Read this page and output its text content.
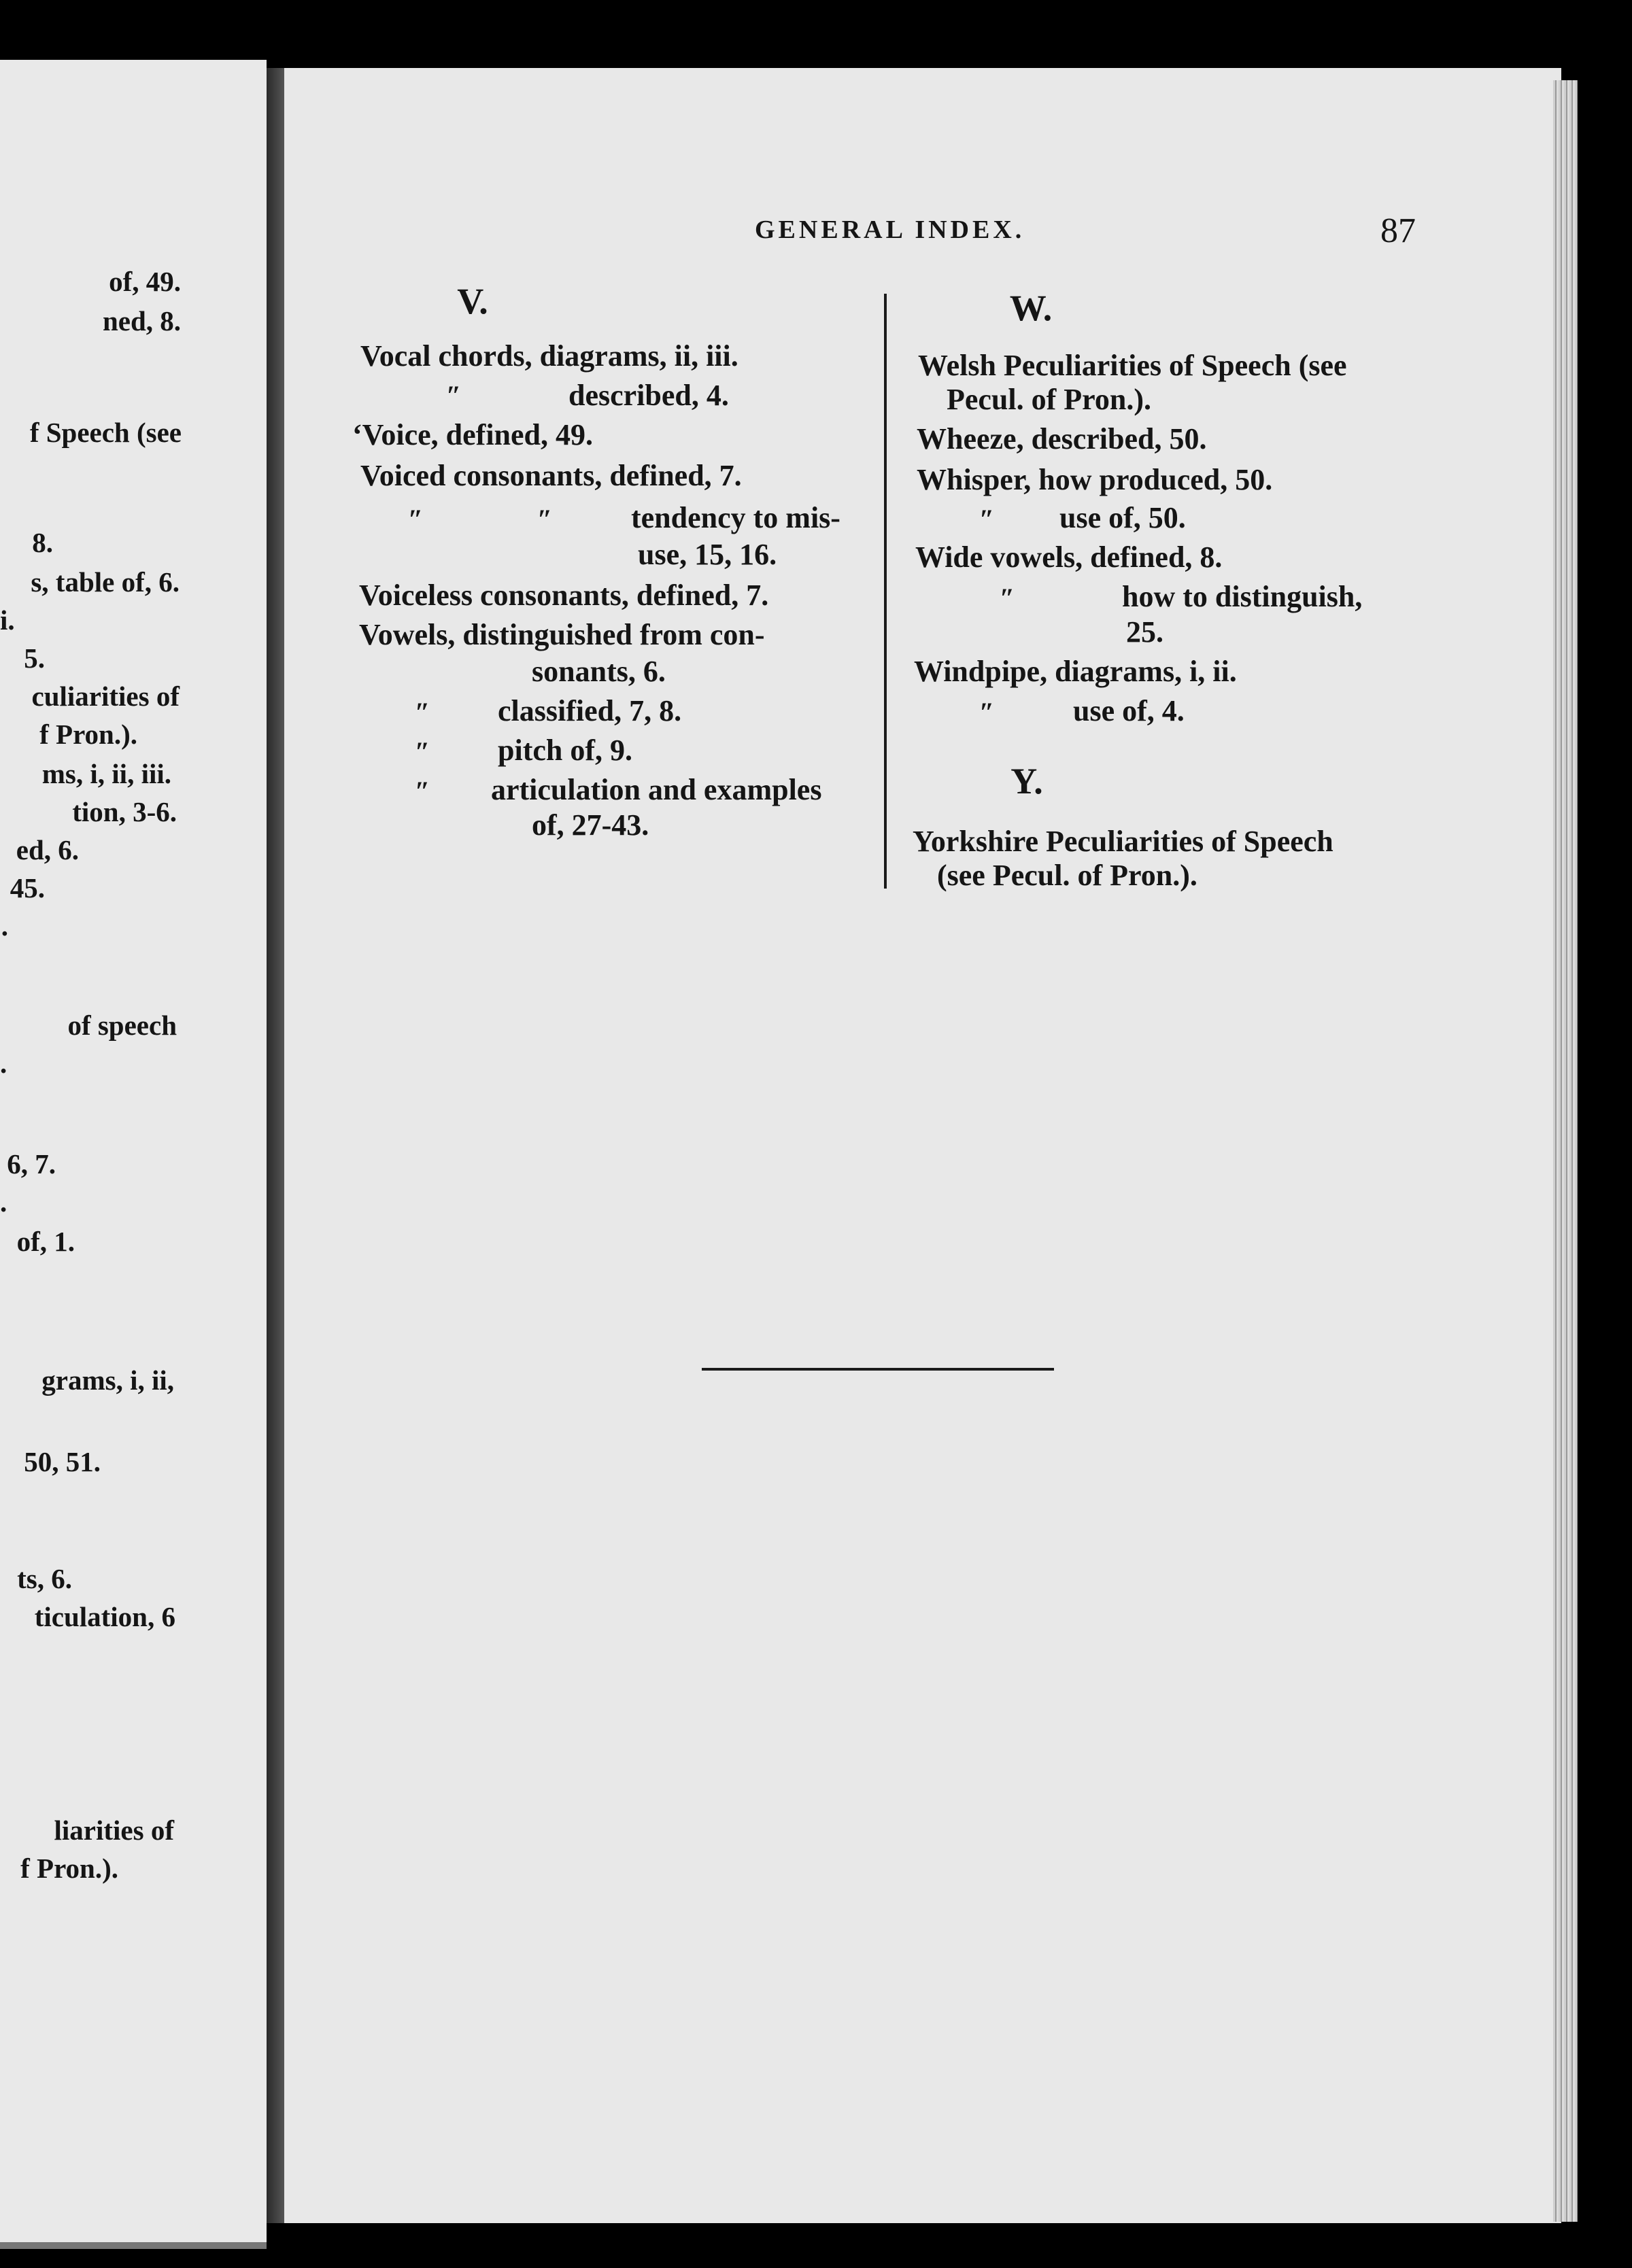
of, 49.
ned, 8.
f Speech (see
8.
s, table of, 6.
i.
5.
culiarities of
f Pron.).
ms, i, ii, iii.
tion, 3-6.
ed, 6.
45.
.
of speech
.
6, 7.
.
of, 1.
grams, i, ii,
50, 51.
ts, 6.
ticulation, 6
liarities of
f Pron.).
GENERAL INDEX.	87
V.
Vocal chords, diagrams, ii, iii.
″	described, 4.
‘Voice, defined, 49.
Voiced consonants, defined, 7.
″	″	tendency to mis-
use, 15, 16.
Voiceless consonants, defined, 7.
Vowels, distinguished from con-
sonants, 6.
″ classified, 7, 8.
″ pitch of, 9.
″ articulation and examples
of, 27-43.
W.
Welsh Peculiarities of Speech (see
Pecul. of Pron.).
Wheeze, described, 50.
Whisper, how produced, 50.
″ use of, 50.
Wide vowels, defined, 8.
″	how to distinguish,
25.
Windpipe, diagrams, i, ii.
″	use of, 4.
Y.
Yorkshire Peculiarities of Speech
(see Pecul. of Pron.).
